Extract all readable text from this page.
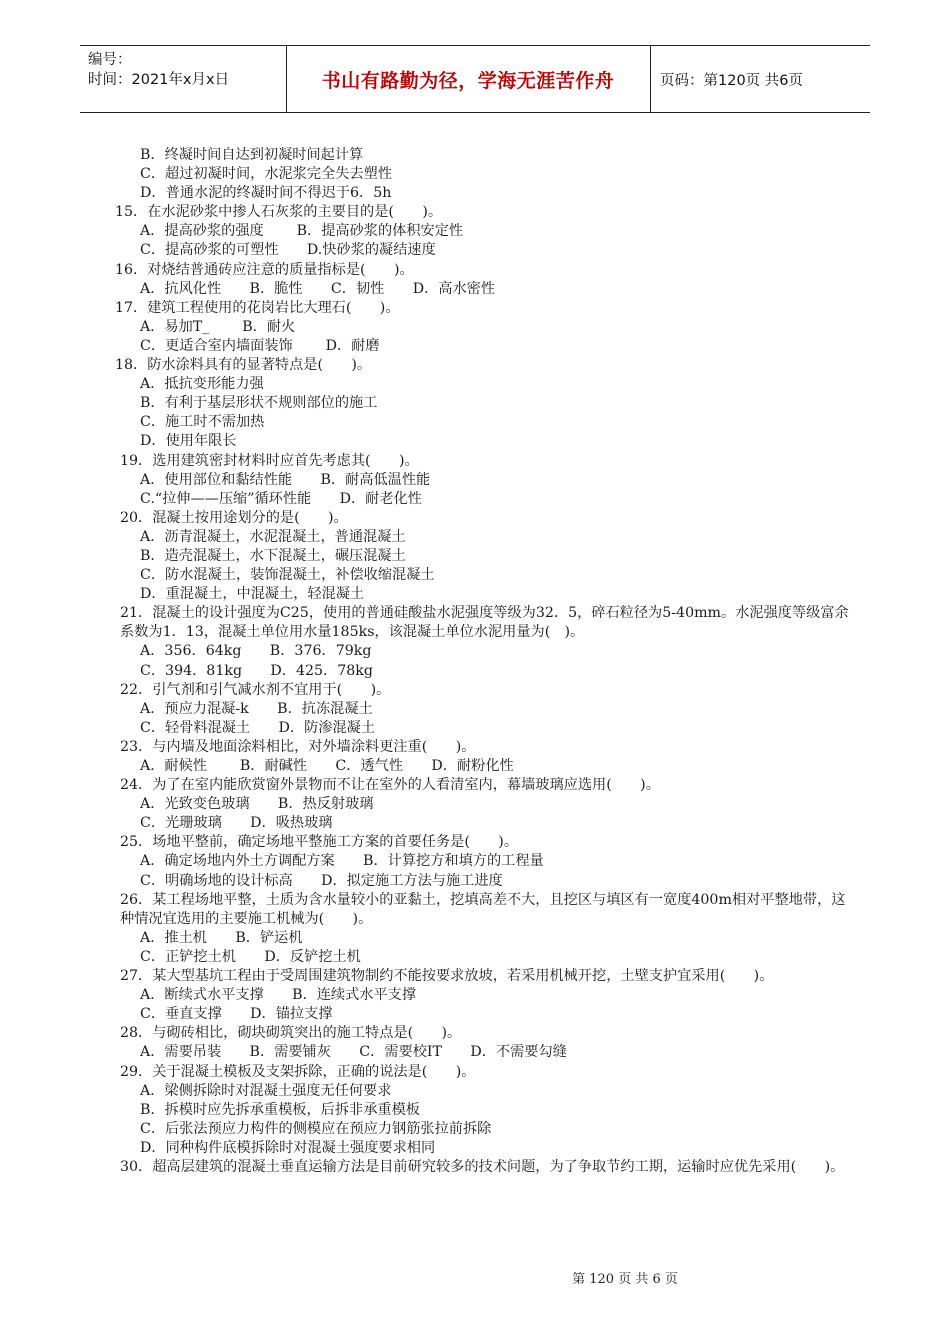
编号：
时间：2021年x月x日	书山有路勤为径，学海无涯苦作舟	页码：第120页 共6页
B．终凝时间自达到初凝时间起计算
C．超过初凝时间，水泥浆完全失去塑性
D．普通水泥的终凝时间不得迟于6．5h
15．在水泥砂浆中掺人石灰浆的主要目的是(　　)。
A．提高砂浆的强度　　 B．提高砂浆的体积安定性
C．提高砂浆的可塑性　　D.快砂浆的凝结速度
16．对烧结普通砖应注意的质量指标是(　　)。
A．抗风化性　　B．脆性　　C．韧性　　D．高水密性
17．建筑工程使用的花岗岩比大理石(　　)。
A．易加T_　　 B．耐火
C．更适合室内墙面装饰　　 D．耐磨
18．防水涂料具有的显著特点是(　　)。
A．抵抗变形能力强
B．有利于基层形状不规则部位的施工
C．施工时不需加热
D．使用年限长
19．选用建筑密封材料时应首先考虑其(　　)。
A．使用部位和黏结性能　　B．耐高低温性能
C.“拉伸——压缩”循环性能　　D．耐老化性
20．混凝土按用途划分的是(　　)。
A．沥青混凝土，水泥混凝土，普通混凝土
B．造壳混凝土，水下混凝土，碾压混凝土
C．防水混凝土，装饰混凝土，补偿收缩混凝土
D．重混凝土，中混凝土，轻混凝土
21．混凝土的设计强度为C25，使用的普通硅酸盐水泥强度等级为32．5，碎石粒径为5-40mm。水泥强度等级富余系数为1．13，混凝土单位用水量185ks，该混凝土单位水泥用量为(　)。
A．356．64kg　　B．376．79kg
C．394．81kg　　D．425．78kg
22．引气剂和引气减水剂不宜用于(　　)。
A．预应力混凝-k　　B．抗冻混凝土
C．轻骨料混凝土　　D．防渗混凝土
23．与内墙及地面涂料相比，对外墙涂料更注重(　　)。
A．耐候性　　 B．耐碱性　　C．透气性　　D．耐粉化性
24．为了在室内能欣赏窗外景物而不让在室外的人看清室内，幕墙玻璃应选用(　　)。
A．光致变色玻璃　　B．热反射玻璃
C．光珊玻璃　　D．吸热玻璃
25．场地平整前，确定场地平整施工方案的首要任务是(　　)。
A．确定场地内外土方调配方案　　B．计算挖方和填方的工程量
C．明确场地的设计标高　　D．拟定施工方法与施工进度
26．某工程场地平整，土质为含水量较小的亚黏土，挖填高差不大，且挖区与填区有一宽度400m相对平整地带，这种情况宜选用的主要施工机械为(　　)。
A．推土机　　B．铲运机
C．正铲挖土机　　D．反铲挖土机
27．某大型基坑工程由于受周围建筑物制约不能按要求放坡，若采用机械开挖，土壁支护宜采用(　　)。
A．断续式水平支撑　　B．连续式水平支撑
C．垂直支撑　　D．锚拉支撑
28．与砌砖相比，砌块砌筑突出的施工特点是(　　)。
A．需要吊装　　B．需要铺灰　　C．需要校IT　　D．不需要勾缝
29．关于混凝土模板及支架拆除，正确的说法是(　　)。
A．梁侧拆除时对混凝土强度无任何要求
B．拆模时应先拆承重模板，后拆非承重模板
C．后张法预应力构件的侧模应在预应力钢筋张拉前拆除
D．同种构件底模拆除时对混凝土强度要求相同
30．超高层建筑的混凝土垂直运输方法是目前研究较多的技术问题，为了争取节约工期，运输时应优先采用(　　)。
第 120 页 共 6 页
